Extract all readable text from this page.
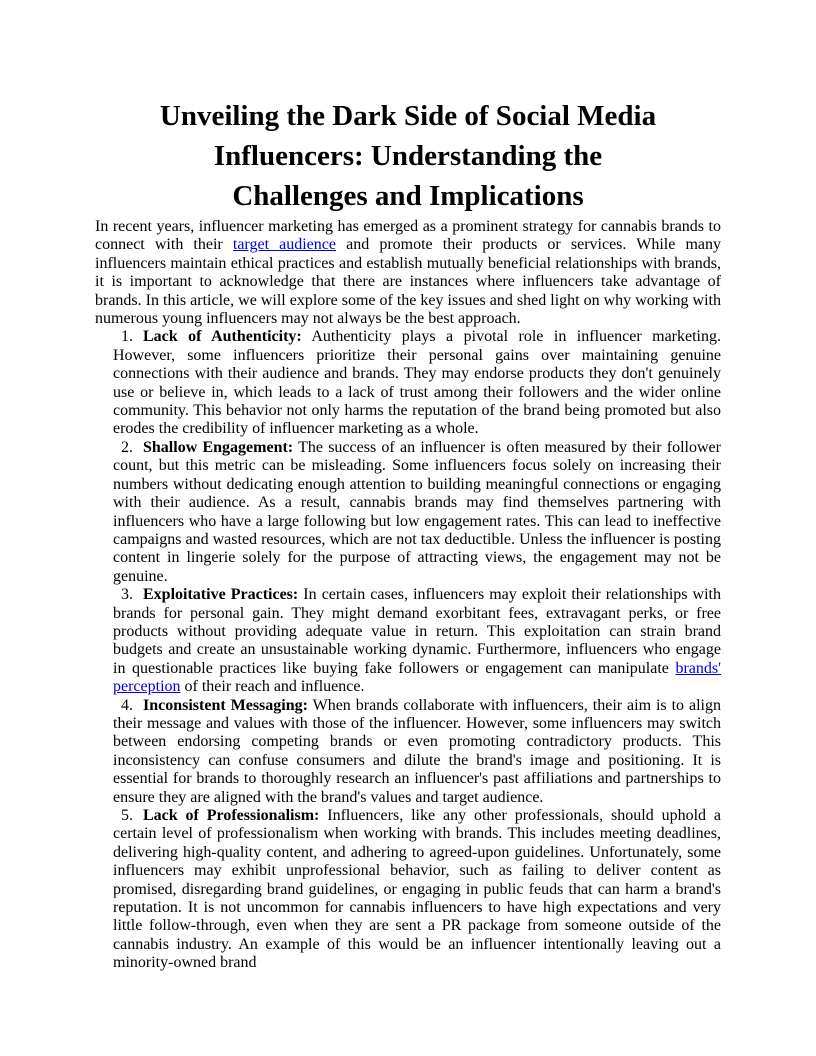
Unveiling the Dark Side of Social Media
Influencers: Understanding the
Challenges and Implications

In recent years, influencer marketing has emerged as a prominent strategy for cannabis brands to connect with their target audience and promote their products or services. While many influencers maintain ethical practices and establish mutually beneficial relationships with brands, it is important to acknowledge that there are instances where influencers take advantage of brands. In this article, we will explore some of the key issues and shed light on why working with numerous young influencers may not always be the best approach.

1. Lack of Authenticity: Authenticity plays a pivotal role in influencer marketing. However, some influencers prioritize their personal gains over maintaining genuine connections with their audience and brands. They may endorse products they don't genuinely use or believe in, which leads to a lack of trust among their followers and the wider online community. This behavior not only harms the reputation of the brand being promoted but also erodes the credibility of influencer marketing as a whole.

2. Shallow Engagement: The success of an influencer is often measured by their follower count, but this metric can be misleading. Some influencers focus solely on increasing their numbers without dedicating enough attention to building meaningful connections or engaging with their audience. As a result, cannabis brands may find themselves partnering with influencers who have a large following but low engagement rates. This can lead to ineffective campaigns and wasted resources, which are not tax deductible. Unless the influencer is posting content in lingerie solely for the purpose of attracting views, the engagement may not be genuine.

3. Exploitative Practices: In certain cases, influencers may exploit their relationships with brands for personal gain. They might demand exorbitant fees, extravagant perks, or free products without providing adequate value in return. This exploitation can strain brand budgets and create an unsustainable working dynamic. Furthermore, influencers who engage in questionable practices like buying fake followers or engagement can manipulate brands' perception of their reach and influence.

4. Inconsistent Messaging: When brands collaborate with influencers, their aim is to align their message and values with those of the influencer. However, some influencers may switch between endorsing competing brands or even promoting contradictory products. This inconsistency can confuse consumers and dilute the brand's image and positioning. It is essential for brands to thoroughly research an influencer's past affiliations and partnerships to ensure they are aligned with the brand's values and target audience.

5. Lack of Professionalism: Influencers, like any other professionals, should uphold a certain level of professionalism when working with brands. This includes meeting deadlines, delivering high-quality content, and adhering to agreed-upon guidelines. Unfortunately, some influencers may exhibit unprofessional behavior, such as failing to deliver content as promised, disregarding brand guidelines, or engaging in public feuds that can harm a brand's reputation. It is not uncommon for cannabis influencers to have high expectations and very little follow-through, even when they are sent a PR package from someone outside of the cannabis industry. An example of this would be an influencer intentionally leaving out a minority-owned brand
